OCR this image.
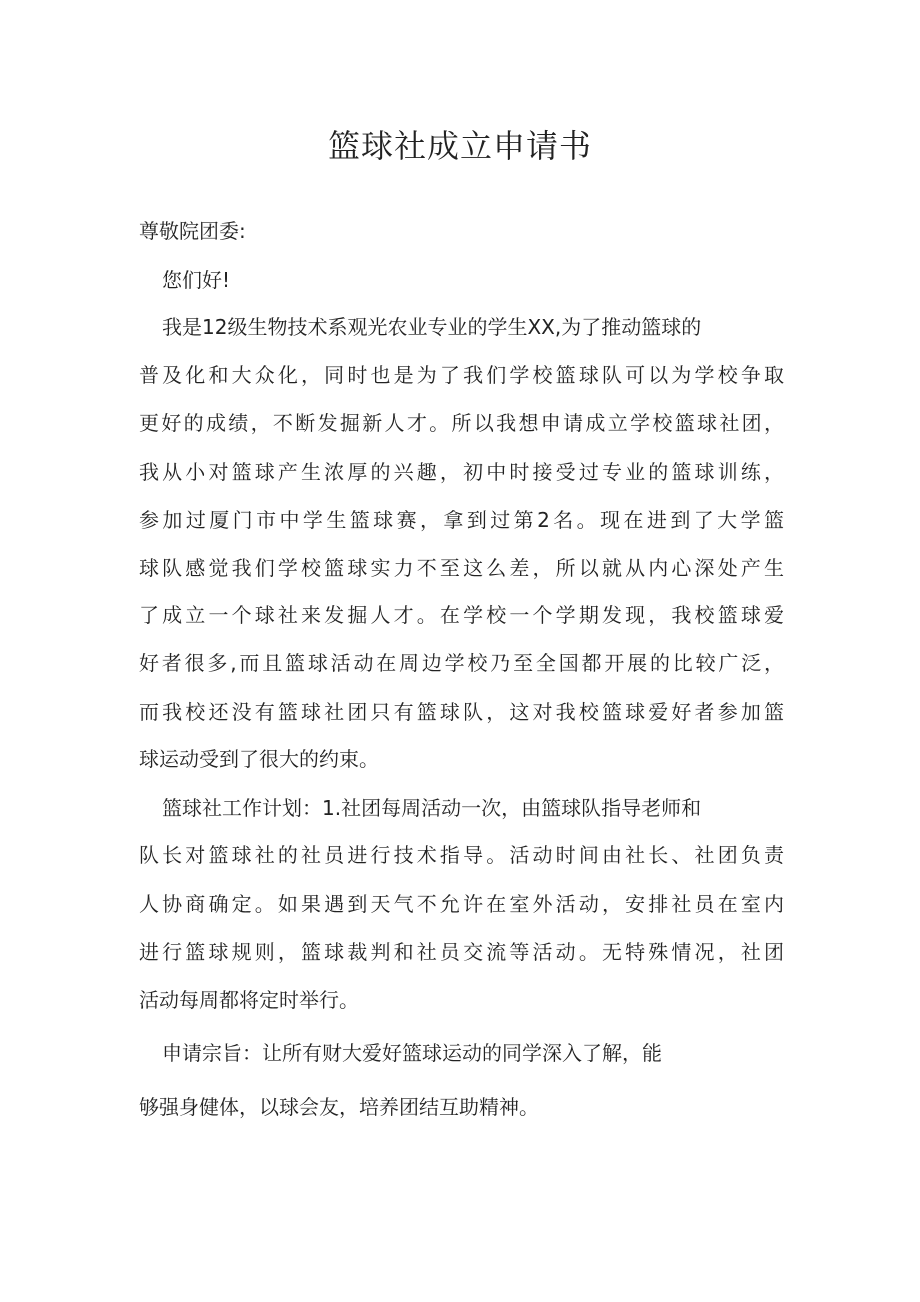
篮球社成立申请书
尊敬院团委:
您们好!
我是12级生物技术系观光农业专业的学生XX,为了推动篮球的
普及化和大众化，同时也是为了我们学校篮球队可以为学校争取
更好的成绩，不断发掘新人才。所以我想申请成立学校篮球社团，
我从小对篮球产生浓厚的兴趣，初中时接受过专业的篮球训练，
参加过厦门市中学生篮球赛，拿到过第2名。现在进到了大学篮
球队感觉我们学校篮球实力不至这么差，所以就从内心深处产生
了成立一个球社来发掘人才。在学校一个学期发现，我校篮球爱
好者很多,而且篮球活动在周边学校乃至全国都开展的比较广泛，
而我校还没有篮球社团只有篮球队，这对我校篮球爱好者参加篮
球运动受到了很大的约束。
篮球社工作计划：1.社团每周活动一次，由篮球队指导老师和
队长对篮球社的社员进行技术指导。活动时间由社长、社团负责
人协商确定。如果遇到天气不允许在室外活动，安排社员在室内
进行篮球规则，篮球裁判和社员交流等活动。无特殊情况，社团
活动每周都将定时举行。
申请宗旨：让所有财大爱好篮球运动的同学深入了解，能
够强身健体，以球会友，培养团结互助精神。
